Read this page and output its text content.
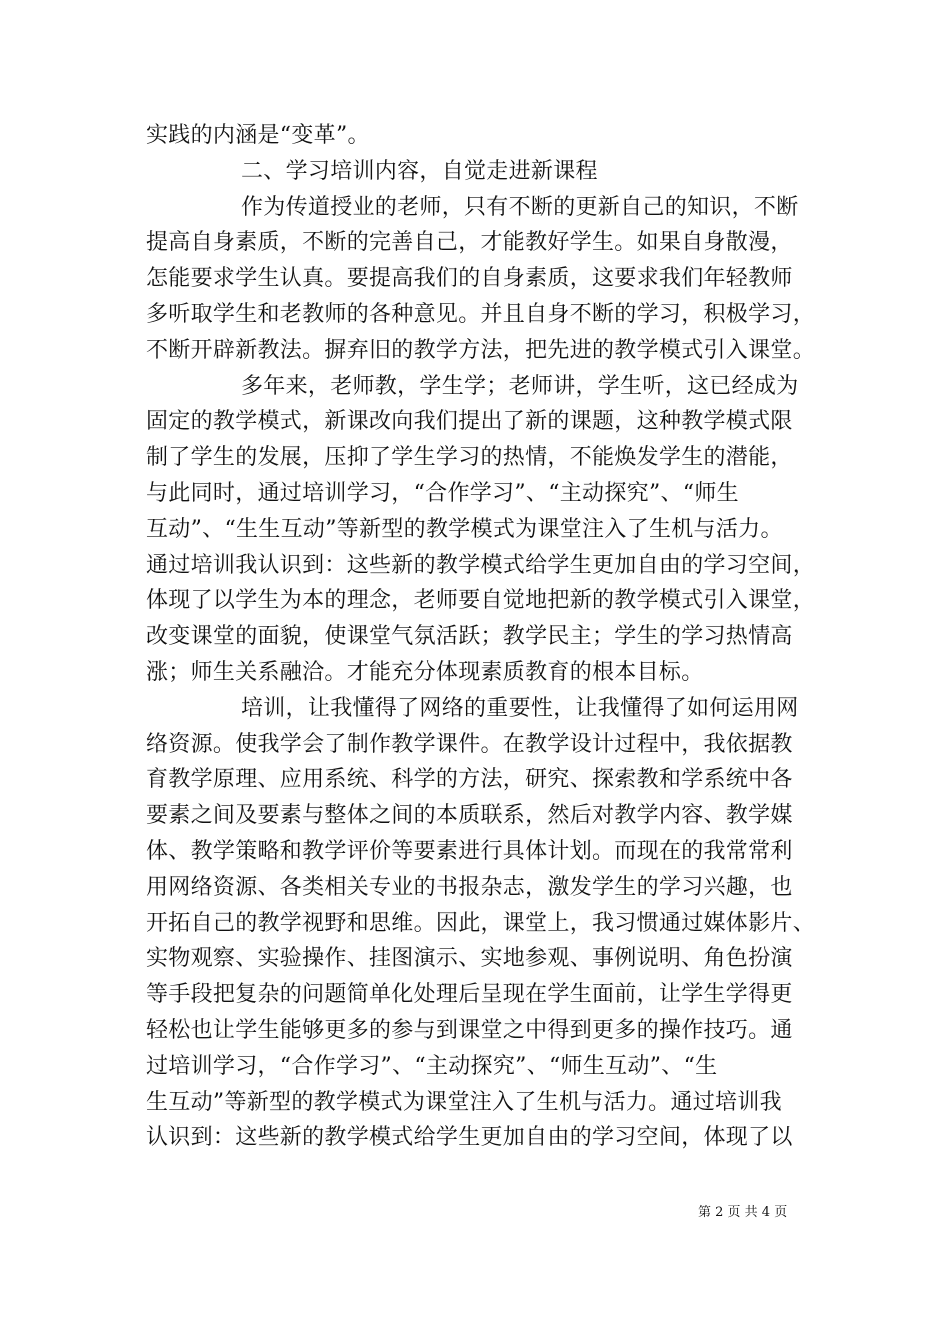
实践的内涵是“变革”。
二、学习培训内容，自觉走进新课程
作为传道授业的老师，只有不断的更新自己的知识，不断
提高自身素质，不断的完善自己，才能教好学生。如果自身散漫，
怎能要求学生认真。要提高我们的自身素质，这要求我们年轻教师
多听取学生和老教师的各种意见。并且自身不断的学习，积极学习，
不断开辟新教法。摒弃旧的教学方法，把先进的教学模式引入课堂。
多年来，老师教，学生学；老师讲，学生听，这已经成为
固定的教学模式，新课改向我们提出了新的课题，这种教学模式限
制了学生的发展，压抑了学生学习的热情，不能焕发学生的潜能，
与此同时，通过培训学习，“合作学习”、“主动探究”、“师生
互动”、“生生互动”等新型的教学模式为课堂注入了生机与活力。
通过培训我认识到：这些新的教学模式给学生更加自由的学习空间，
体现了以学生为本的理念，老师要自觉地把新的教学模式引入课堂，
改变课堂的面貌，使课堂气氛活跃；教学民主；学生的学习热情高
涨；师生关系融洽。才能充分体现素质教育的根本目标。
培训，让我懂得了网络的重要性，让我懂得了如何运用网
络资源。使我学会了制作教学课件。在教学设计过程中，我依据教
育教学原理、应用系统、科学的方法，研究、探索教和学系统中各
要素之间及要素与整体之间的本质联系，然后对教学内容、教学媒
体、教学策略和教学评价等要素进行具体计划。而现在的我常常利
用网络资源、各类相关专业的书报杂志，激发学生的学习兴趣，也
开拓自己的教学视野和思维。因此，课堂上，我习惯通过媒体影片、
实物观察、实验操作、挂图演示、实地参观、事例说明、角色扮演
等手段把复杂的问题简单化处理后呈现在学生面前，让学生学得更
轻松也让学生能够更多的参与到课堂之中得到更多的操作技巧。通
过培训学习，“合作学习”、“主动探究”、“师生互动”、“生
生互动”等新型的教学模式为课堂注入了生机与活力。通过培训我
认识到：这些新的教学模式给学生更加自由的学习空间，体现了以
第 2 页 共 4 页
